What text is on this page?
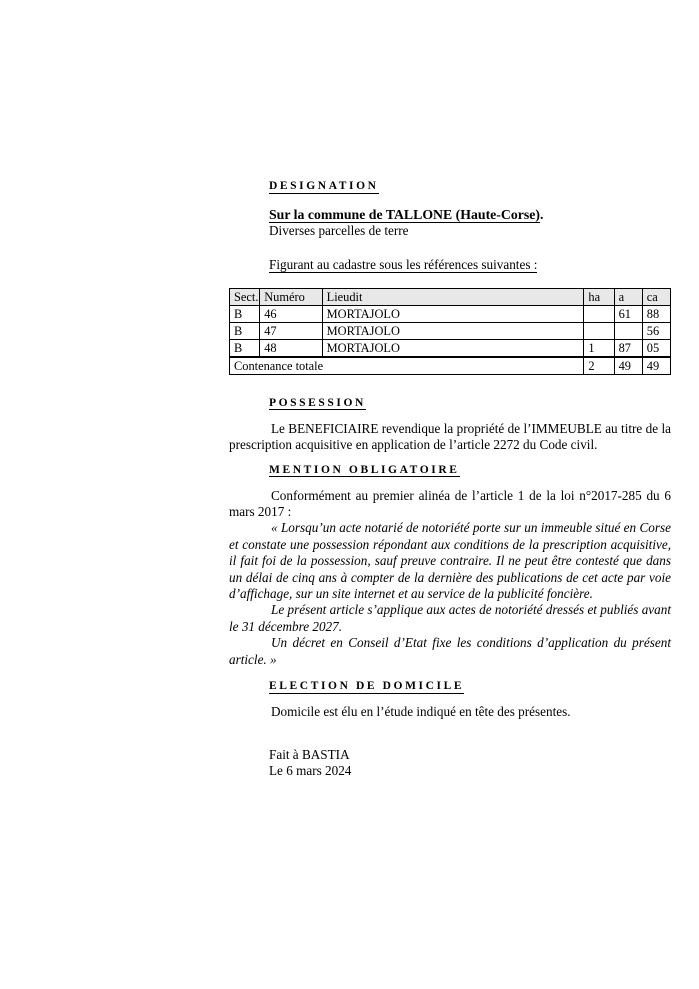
DESIGNATION
Sur la commune de TALLONE (Haute-Corse).
Diverses parcelles de terre
Figurant au cadastre sous les références suivantes :
Sect.	Numéro	Lieudit	ha	a	ca
B	46	MORTAJOLO		61	88
B	47	MORTAJOLO			56
B	48	MORTAJOLO	1	87	05
Contenance totale			2	49	49
POSSESSION

Le BENEFICIAIRE revendique la propriété de l’IMMEUBLE au titre de la prescription acquisitive en application de l’article 2272 du Code civil.

MENTION OBLIGATOIRE

Conformément au premier alinéa de l’article 1 de la loi n°2017-285 du 6 mars 2017 :

« Lorsqu’un acte notarié de notoriété porte sur un immeuble situé en Corse et constate une possession répondant aux conditions de la prescription acquisitive, il fait foi de la possession, sauf preuve contraire. Il ne peut être contesté que dans un délai de cinq ans à compter de la dernière des publications de cet acte par voie d’affichage, sur un site internet et au service de la publicité foncière.

Le présent article s’applique aux actes de notoriété dressés et publiés avant le 31 décembre 2027.

Un décret en Conseil d’Etat fixe les conditions d’application du présent article. »

ELECTION DE DOMICILE

Domicile est élu en l’étude indiqué en tête des présentes.

Fait à BASTIA
Le 6 mars 2024
